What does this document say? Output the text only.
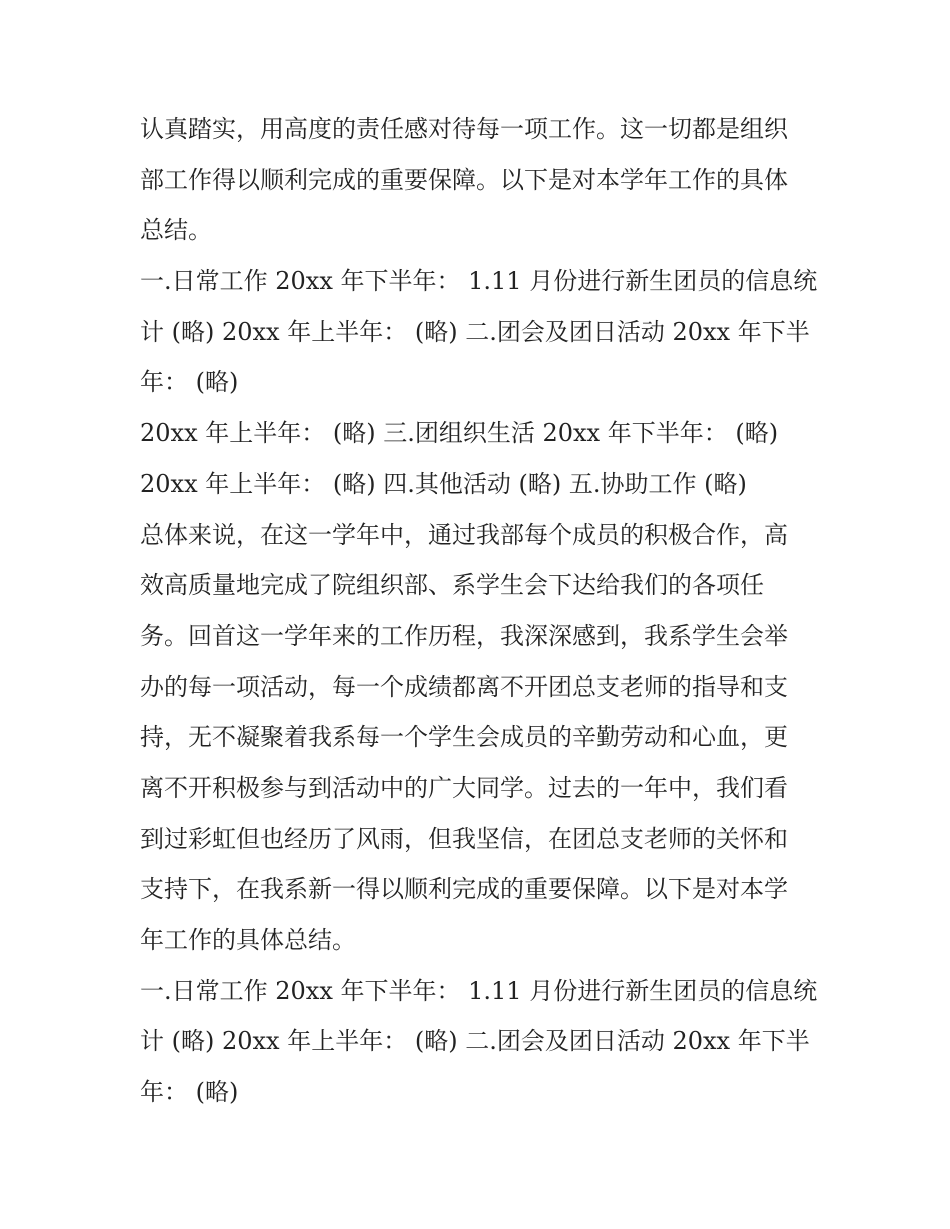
认真踏实，用高度的责任感对待每一项工作。这一切都是组织
部工作得以顺利完成的重要保障。以下是对本学年工作的具体
总结。
一.日常工作 20xx 年下半年： 1.11 月份进行新生团员的信息统
计 (略) 20xx 年上半年： (略) 二.团会及团日活动 20xx 年下半
年： (略)
20xx 年上半年： (略) 三.团组织生活 20xx 年下半年： (略)
20xx 年上半年： (略) 四.其他活动 (略) 五.协助工作 (略)
总体来说，在这一学年中，通过我部每个成员的积极合作，高
效高质量地完成了院组织部、系学生会下达给我们的各项任
务。回首这一学年来的工作历程，我深深感到，我系学生会举
办的每一项活动，每一个成绩都离不开团总支老师的指导和支
持，无不凝聚着我系每一个学生会成员的辛勤劳动和心血，更
离不开积极参与到活动中的广大同学。过去的一年中，我们看
到过彩虹但也经历了风雨，但我坚信，在团总支老师的关怀和
支持下，在我系新一得以顺利完成的重要保障。以下是对本学
年工作的具体总结。
一.日常工作 20xx 年下半年： 1.11 月份进行新生团员的信息统
计 (略) 20xx 年上半年： (略) 二.团会及团日活动 20xx 年下半
年： (略)
